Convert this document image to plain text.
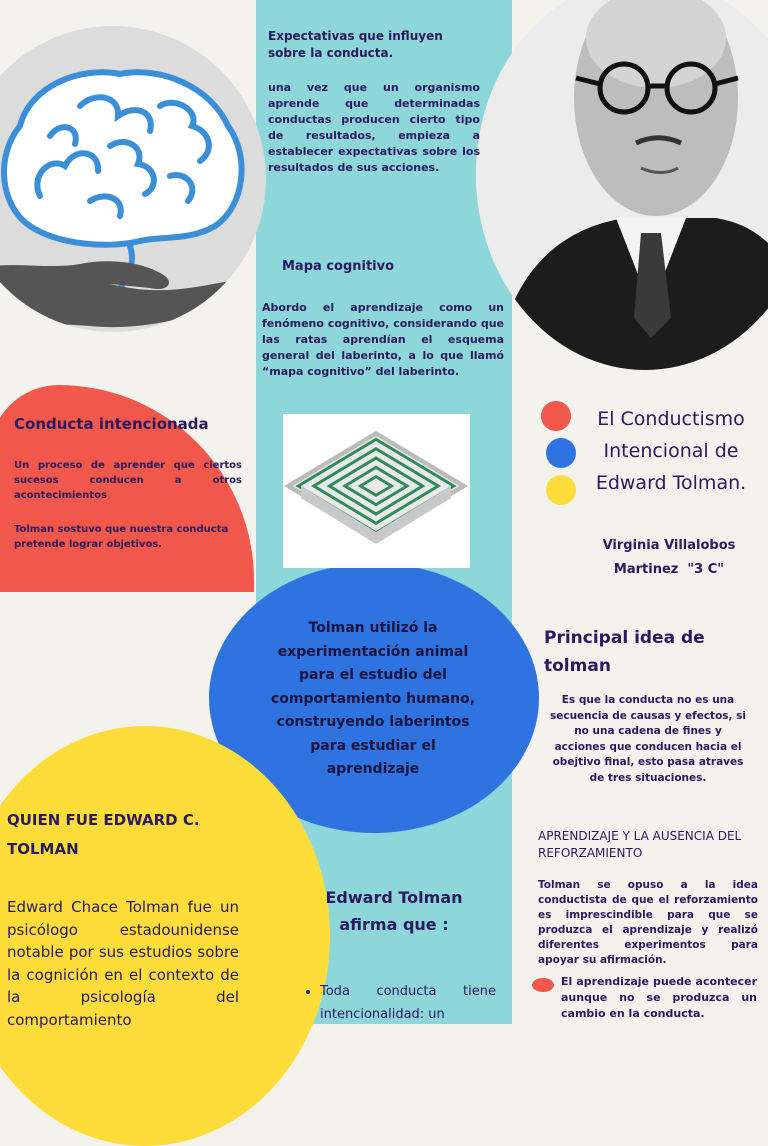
Expectativas que influyen sobre la conducta.
una vez que un organismo aprende que determinadas conductas producen cierto tipo de resultados, empieza a establecer expectativas sobre los resultados de sus acciones.
Mapa cognitivo
Abordo el aprendizaje como un fenómeno cognitivo, considerando que las ratas aprendían el esquema general del laberinto, a lo que llamó “mapa cognitivo” del laberinto.
Conducta intencionada
Un proceso de aprender que ciertos sucesos conducen a otros acontecimientos
Tolman sostuvo que nuestra conducta pretende lograr objetivos.
El Conductismo
Intencional de
Edward Tolman.
Virginia Villalobos
Martinez  "3 C"
Tolman utilizó la experimentación animal para el estudio del comportamiento humano, construyendo laberintos para estudiar el aprendizaje
Principal idea de tolman
Es que la conducta no es una secuencia de causas y efectos, si no una cadena de fines y acciones que conducen hacia el obejtivo final, esto pasa atraves de tres situaciones.
QUIEN FUE EDWARD C. TOLMAN
Edward Chace Tolman fue un psicólogo estadounidense notable por sus estudios sobre la cognición en el contexto de la psicología del comportamiento
Edward Tolman afirma que :
• Toda conducta tiene intencionalidad: un
APRENDIZAJE Y LA AUSENCIA DEL REFORZAMIENTO
Tolman se opuso a la idea conductista de que el reforzamiento es imprescindible para que se produzca el aprendizaje y realizó diferentes experimentos para apoyar su afirmación.
El aprendizaje puede acontecer aunque no se produzca un cambio en la conducta.
